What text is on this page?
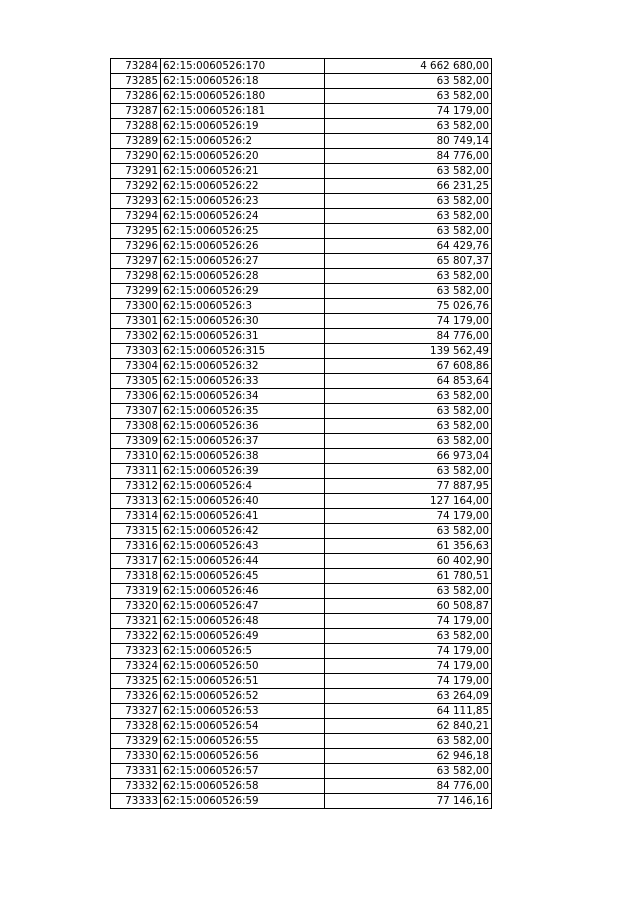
73284	62:15:0060526:170	4 662 680,00
73285	62:15:0060526:18	63 582,00
73286	62:15:0060526:180	63 582,00
73287	62:15:0060526:181	74 179,00
73288	62:15:0060526:19	63 582,00
73289	62:15:0060526:2	80 749,14
73290	62:15:0060526:20	84 776,00
73291	62:15:0060526:21	63 582,00
73292	62:15:0060526:22	66 231,25
73293	62:15:0060526:23	63 582,00
73294	62:15:0060526:24	63 582,00
73295	62:15:0060526:25	63 582,00
73296	62:15:0060526:26	64 429,76
73297	62:15:0060526:27	65 807,37
73298	62:15:0060526:28	63 582,00
73299	62:15:0060526:29	63 582,00
73300	62:15:0060526:3	75 026,76
73301	62:15:0060526:30	74 179,00
73302	62:15:0060526:31	84 776,00
73303	62:15:0060526:315	139 562,49
73304	62:15:0060526:32	67 608,86
73305	62:15:0060526:33	64 853,64
73306	62:15:0060526:34	63 582,00
73307	62:15:0060526:35	63 582,00
73308	62:15:0060526:36	63 582,00
73309	62:15:0060526:37	63 582,00
73310	62:15:0060526:38	66 973,04
73311	62:15:0060526:39	63 582,00
73312	62:15:0060526:4	77 887,95
73313	62:15:0060526:40	127 164,00
73314	62:15:0060526:41	74 179,00
73315	62:15:0060526:42	63 582,00
73316	62:15:0060526:43	61 356,63
73317	62:15:0060526:44	60 402,90
73318	62:15:0060526:45	61 780,51
73319	62:15:0060526:46	63 582,00
73320	62:15:0060526:47	60 508,87
73321	62:15:0060526:48	74 179,00
73322	62:15:0060526:49	63 582,00
73323	62:15:0060526:5	74 179,00
73324	62:15:0060526:50	74 179,00
73325	62:15:0060526:51	74 179,00
73326	62:15:0060526:52	63 264,09
73327	62:15:0060526:53	64 111,85
73328	62:15:0060526:54	62 840,21
73329	62:15:0060526:55	63 582,00
73330	62:15:0060526:56	62 946,18
73331	62:15:0060526:57	63 582,00
73332	62:15:0060526:58	84 776,00
73333	62:15:0060526:59	77 146,16
